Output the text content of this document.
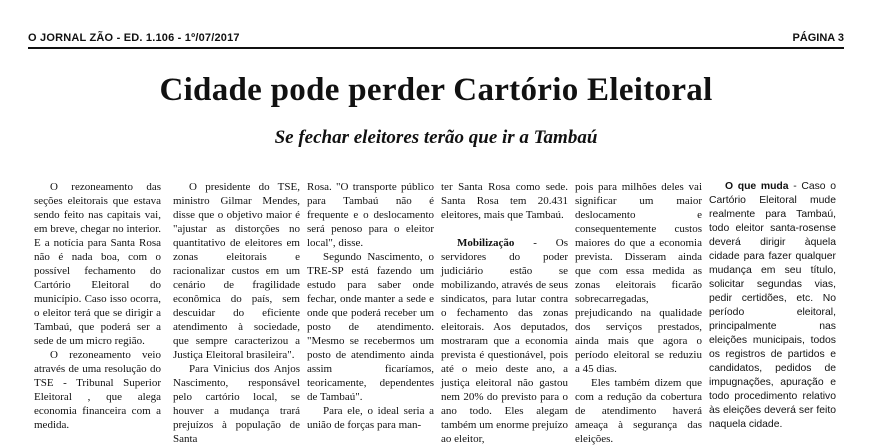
O JORNAL ZÃO - ED. 1.106 - 1º/07/2017	PÁGINA 3
Cidade pode perder Cartório Eleitoral
Se fechar eleitores terão que ir a Tambaú

O rezoneamento das seções eleitorais que estava sendo feito nas capitais vai, em breve, chegar no interior. E a notícia para Santa Rosa não é nada boa, com o possível fechamento do Cartório Eleitoral do município. Caso isso ocorra, o eleitor terá que se dirigir a Tambaú, que poderá ser a sede de um micro região.

O rezoneamento veio através de uma resolução do TSE - Tribunal Superior Eleitoral , que alega economia financeira com a medida.

O presidente do TSE, ministro Gilmar Mendes, disse que o objetivo maior é "ajustar as distorções no quantitativo de eleitores em zonas eleitorais e racionalizar custos em um cenário de fragilidade econômica do país, sem descuidar do eficiente atendimento à sociedade, que sempre caracterizou a Justiça Eleitoral brasileira".

Para Vinicius dos Anjos Nascimento, responsável pelo cartório local, se houver a mudança trará prejuízos à população de Santa

Rosa. "O transporte público para Tambaú não é frequente e o deslocamento será penoso para o eleitor local", disse.

Segundo Nascimento, o TRE-SP está fazendo um estudo para saber onde fechar, onde manter a sede e onde que poderá receber um posto de atendimento. "Mesmo se recebermos um posto de atendimento ainda assim ficaríamos, teoricamente, dependentes de Tambaú".

Para ele, o ideal seria a união de forças para man-

ter Santa Rosa como sede. Santa Rosa tem 20.431 eleitores, mais que Tambaú.

Mobilização - Os servidores do poder judiciário estão se mobilizando, através de seus sindicatos, para lutar contra o fechamento das zonas eleitorais. Aos deputados, mostraram que a economia prevista é questionável, pois até o meio deste ano, a justiça eleitoral não gastou nem 20% do previsto para o ano todo. Eles alegam também um enorme prejuízo ao eleitor,

pois para milhões deles vai significar um maior deslocamento e consequentemente custos maiores do que a economia prevista. Disseram ainda que com essa medida as zonas eleitorais ficarão sobrecarregadas, prejudicando na qualidade dos serviços prestados, ainda mais que agora o período eleitoral se reduziu a 45 dias.

Eles também dizem que com a redução da cobertura de atendimento haverá ameaça à segurança das eleições.

O que muda - Caso o Cartório Eleitoral mude realmente para Tambaú, todo eleitor santa-rosense deverá dirigir àquela cidade para fazer qualquer mudança em seu título, solicitar segundas vias, pedir certidões, etc. No período eleitoral, principalmente nas eleições municipais, todos os registros de partidos e candidatos, pedidos de impugnações, apuração e todo procedimento relativo às eleições deverá ser feito naquela cidade.
